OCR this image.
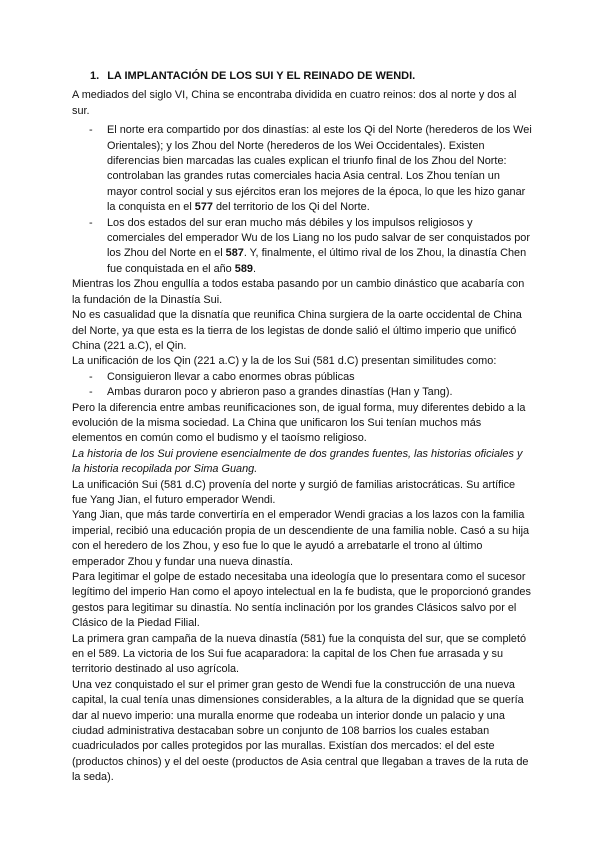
1. LA IMPLANTACIÓN DE LOS SUI Y EL REINADO DE WENDI.

A mediados del siglo VI, China se encontraba dividida en cuatro reinos: dos al norte y dos al sur.

- El norte era compartido por dos dinastías: al este los Qi del Norte (herederos de los Wei Orientales); y los Zhou del Norte (herederos de los Wei Occidentales). Existen diferencias bien marcadas las cuales explican el triunfo final de los Zhou del Norte: controlaban las grandes rutas comerciales hacia Asia central. Los Zhou tenían un mayor control social y sus ejércitos eran los mejores de la época, lo que les hizo ganar la conquista en el 577 del territorio de los Qi del Norte.
- Los dos estados del sur eran mucho más débiles y los impulsos religiosos y comerciales del emperador Wu de los Liang no los pudo salvar de ser conquistados por los Zhou del Norte en el 587. Y, finalmente, el último rival de los Zhou, la dinastía Chen fue conquistada en el año 589.

Mientras los Zhou engullía a todos estaba pasando por un cambio dinástico que acabaría con la fundación de la Dinastía Sui.

No es casualidad que la disnatía que reunifica China surgiera de la oarte occidental de China del Norte, ya que esta es la tierra de los legistas de donde salió el último imperio que unificó China (221 a.C), el Qin.

La unificación de los Qin (221 a.C) y la de los Sui (581 d.C) presentan similitudes como:

- Consiguieron llevar a cabo enormes obras públicas
- Ambas duraron poco y abrieron paso a grandes dinastías (Han y Tang).

Pero la diferencia entre ambas reunificaciones son, de igual forma, muy diferentes debido a la evolución de la misma sociedad. La China que unificaron los Sui tenían muchos más elementos en común como el budismo y el taoísmo religioso.

La historia de los Sui proviene esencialmente de dos grandes fuentes, las historias oficiales y la historia recopilada por Sima Guang.

La unificación Sui (581 d.C) provenía del norte y surgió de familias aristocráticas. Su artífice fue Yang Jian, el futuro emperador Wendi.

Yang Jian, que más tarde convertiría en el emperador Wendi gracias a los lazos con la familia imperial, recibió una educación propia de un descendiente de una familia noble. Casó a su hija con el heredero de los Zhou, y eso fue lo que le ayudó a arrebatarle el trono al último emperador Zhou y fundar una nueva dinastía.

Para legitimar el golpe de estado necesitaba una ideología que lo presentara como el sucesor legítimo del imperio Han como el apoyo intelectual en la fe budista, que le proporcionó grandes gestos para legitimar su dinastía. No sentía inclinación por los grandes Clásicos salvo por el Clásico de la Piedad Filial.

La primera gran campaña de la nueva dinastía (581) fue la conquista del sur, que se completó en el 589. La victoria de los Sui fue acaparadora: la capital de los Chen fue arrasada y su territorio destinado al uso agrícola.

Una vez conquistado el sur el primer gran gesto de Wendi fue la construcción de una nueva capital, la cual tenía unas dimensiones considerables, a la altura de la dignidad que se quería dar al nuevo imperio: una muralla enorme que rodeaba un interior donde un palacio y una ciudad administrativa destacaban sobre un conjunto de 108 barrios los cuales estaban cuadriculados por calles protegidos por las murallas. Existían dos mercados: el del este (productos chinos) y el del oeste (productos de Asia central que llegaban a traves de la ruta de la seda).
